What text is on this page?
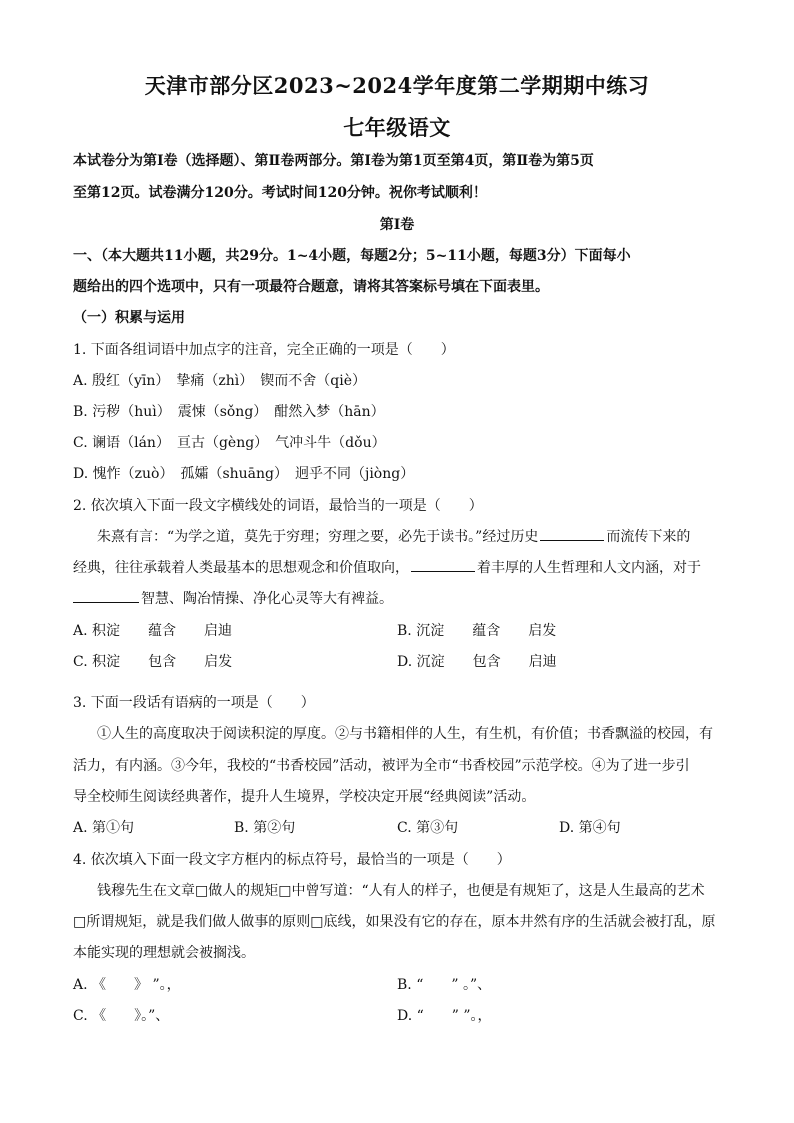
天津市部分区2023~2024学年度第二学期期中练习
七年级语文
本试卷分为第Ⅰ卷（选择题）、第Ⅱ卷两部分。第Ⅰ卷为第1页至第4页，第Ⅱ卷为第5页
至第12页。试卷满分120分。考试时间120分钟。祝你考试顺利！
第Ⅰ卷
一、（本大题共11小题，共29分。1~4小题，每题2分；5~11小题，每题3分）下面每小
题给出的四个选项中，只有一项最符合题意，请将其答案标号填在下面表里。
（一）积累与运用
1. 下面各组词语中加点字的注音，完全正确的一项是（　　）
A. 殷红（yīn）　挚痛（zhì）　锲而不舍（qiè）
B. 污秽（huì）　震悚（sǒng）　酣然入梦（hān）
C. 谰语（lán）　亘古（gèng）　气冲斗牛（dǒu）
D. 愧怍（zuò）　孤孀（shuāng）　迥乎不同（jiòng）
2. 依次填入下面一段文字横线处的词语，最恰当的一项是（　　）
朱熹有言：“为学之道，莫先于穷理；穷理之要，必先于读书。”经过历史	而流传下来的
经典，往往承载着人类最基本的思想观念和价值取向，	着丰厚的人生哲理和人文内涵，对于
智慧、陶冶情操、净化心灵等大有裨益。
A. 积淀　　蕴含　　启迪	B. 沉淀　　蕴含　　启发
C. 积淀　　包含　　启发	D. 沉淀　　包含　　启迪
3. 下面一段话有语病的一项是（　　）
①人生的高度取决于阅读积淀的厚度。②与书籍相伴的人生，有生机，有价值；书香飘溢的校园，有
活力，有内涵。③今年，我校的“书香校园”活动，被评为全市“书香校园”示范学校。④为了进一步引
导全校师生阅读经典著作，提升人生境界，学校决定开展“经典阅读”活动。
A. 第①句	B. 第②句	C. 第③句	D. 第④句
4. 依次填入下面一段文字方框内的标点符号，最恰当的一项是（　　）
钱穆先生在文章□做人的规矩□中曾写道：“人有人的样子，也便是有规矩了，这是人生最高的艺术
□所谓规矩，就是我们做人做事的原则□底线，如果没有它的存在，原本井然有序的生活就会被打乱，原
本能实现的理想就会被搁浅。
A. 《　　》 ”。，	B. “　　” 。”、
C. 《　　》。”、	D. “　　” ”。，
